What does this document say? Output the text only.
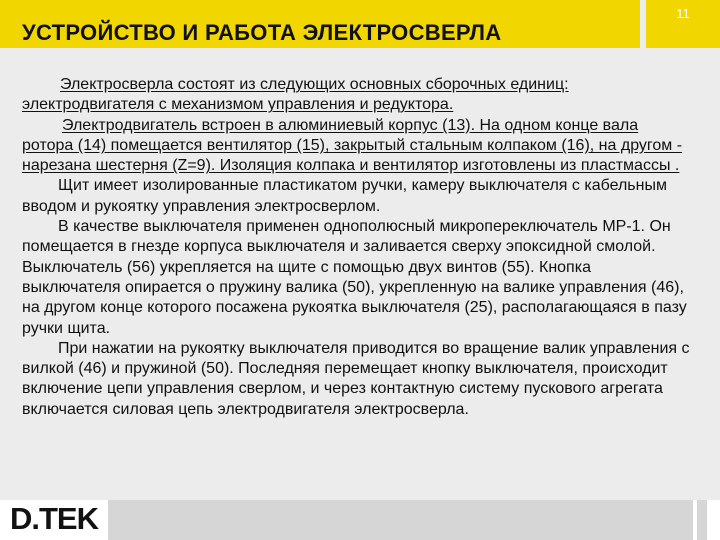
УСТРОЙСТВО И РАБОТА ЭЛЕКТРОСВЕРЛА
11

Электросверла состоят из следующих основных сборочных единиц: электродвигателя с механизмом управления и редуктора.

Электродвигатель встроен в алюминиевый корпус (13). На одном конце вала ротора (14) помещается вентилятор (15), закрытый стальным колпаком (16), на другом - нарезана шестерня (Z=9). Изоляция колпака и вентилятор изготовлены из пластмассы .

Щит имеет изолированные пластикатом ручки, камеру выключателя с кабельным вводом и рукоятку управления электросверлом.

В качестве выключателя применен однополюсный микропереключатель МР-1. Он помещается в гнезде корпуса выключателя и заливается сверху эпоксидной смолой. Выключатель (56) укрепляется на щите с помощью двух винтов (55). Кнопка выключателя опирается о пружину валика (50), укрепленную на валике управления (46), на другом конце которого посажена рукоятка выключателя (25), располагающаяся в пазу ручки щита.

При нажатии на рукоятку выключателя приводится во вращение валик управления с вилкой (46) и пружиной (50). Последняя перемещает кнопку выключателя, происходит включение цепи управления сверлом, и через контактную систему пускового агрегата включается силовая цепь электродвигателя электросверла.

D.TEK
